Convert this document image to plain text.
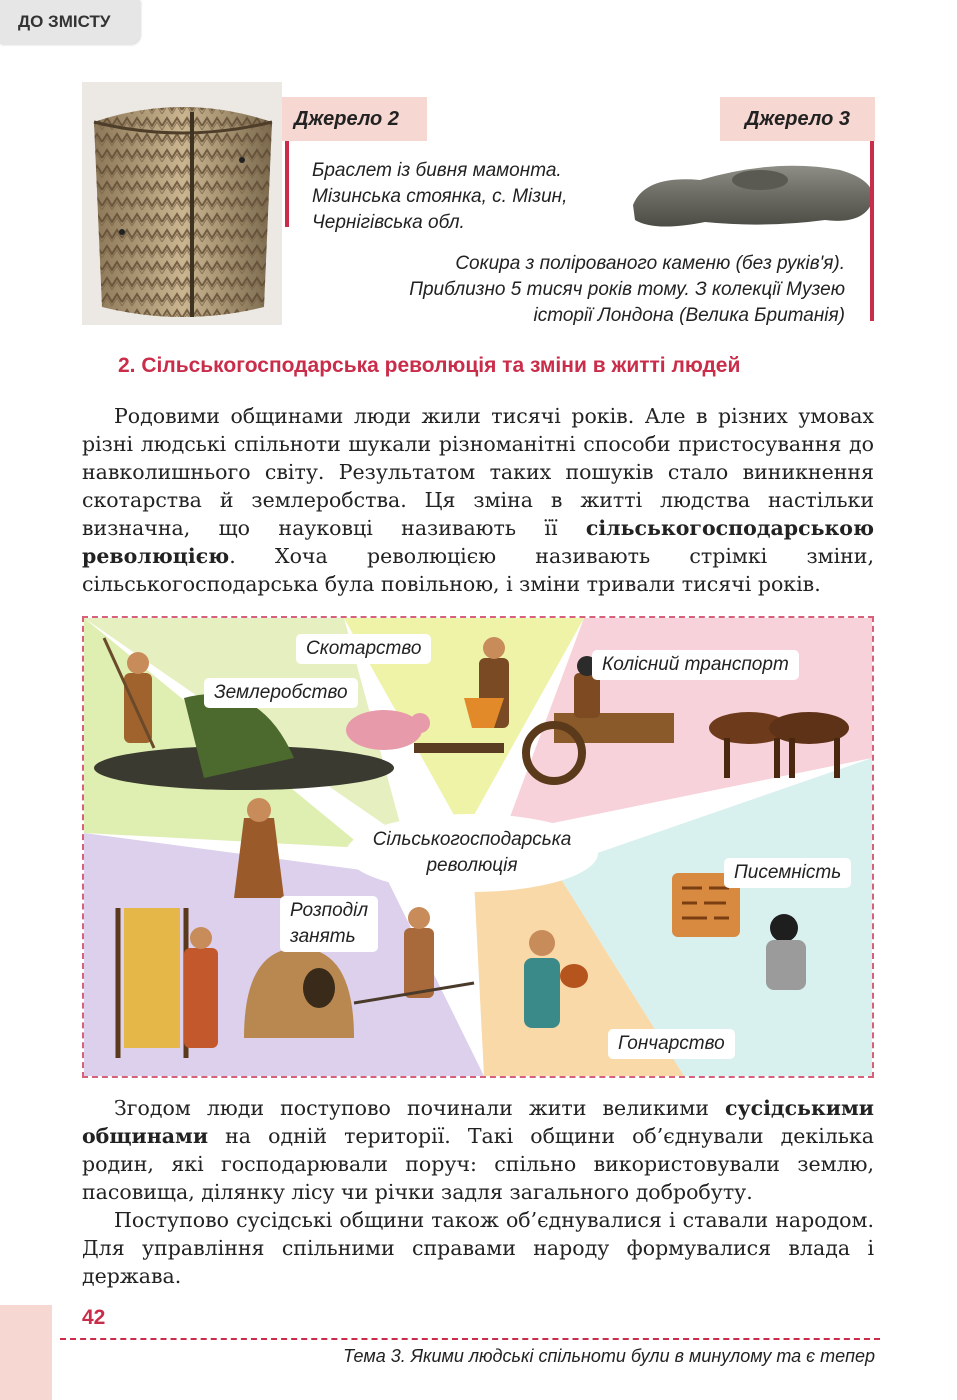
ДО ЗМІСТУ
Джерело 2
Браслет із бивня мамонта.
Мізинська стоянка, с. Мізин,
Чернігівська обл.
Джерело 3
Сокира з полірованого каменю (без руків'я).
Приблизно 5 тисяч років тому. З колекції Музею
історії Лондона (Велика Британія)
2. Сільськогосподарська революція та зміни в житті людей

Родовими общинами люди жили тисячі років. Але в різних умовах різні людські спільноти шукали різноманітні способи пристосування до навколишнього світу. Результатом таких пошуків стало виникнення скотарства й землеробства. Ця зміна в житті людства настільки визначна, що науковці називають її сільськогосподарською революцією. Хоча революцією називають стрімкі зміни, сільськогосподарська була повільною, і зміни тривали тисячі років.

Скотарство
Землеробство
Колісний транспорт
Сільськогосподарська
революція	Писемність
Розподіл
занять
Гончарство

Згодом люди поступово починали жити великими сусідськими общинами на одній території. Такі общини об’єднували декілька родин, які господарювали поруч: спільно використовували землю, пасовища, ділянку лісу чи річки задля загального добробуту.

Поступово сусідські общини також об’єднувалися і ставали народом. Для управління спільними справами народу формувалися влада і держава.

42
Тема 3. Якими людські спільноти були в минулому та є тепер
